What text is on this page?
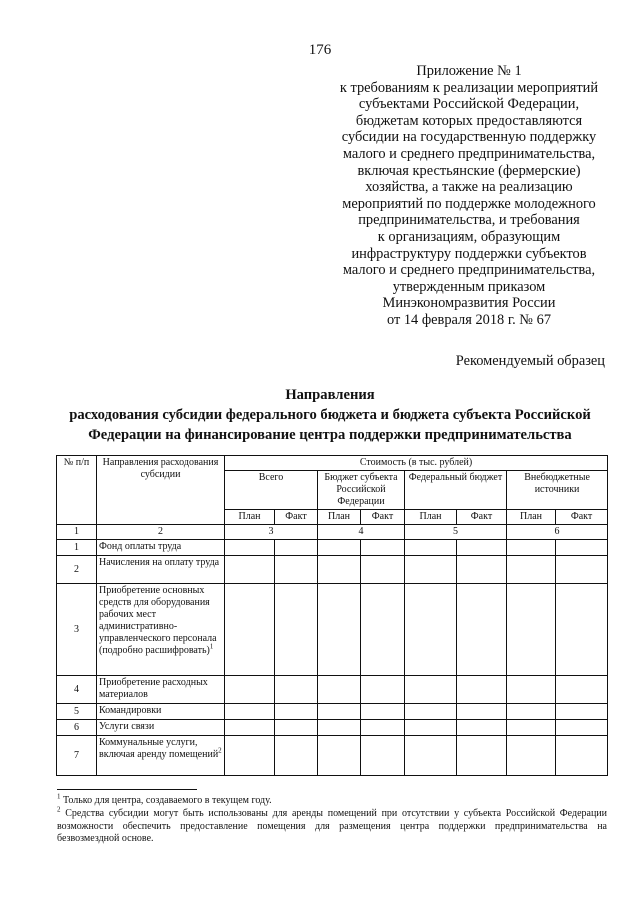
176
Приложение № 1
к требованиям к реализации мероприятий
субъектами Российской Федерации,
бюджетам которых предоставляются
субсидии на государственную поддержку
малого и среднего предпринимательства,
включая крестьянские (фермерские)
хозяйства, а также на реализацию
мероприятий по поддержке молодежного
предпринимательства, и требования
к организациям, образующим
инфраструктуру поддержки субъектов
малого и среднего предпринимательства,
утвержденным приказом
Минэкономразвития России
от 14 февраля 2018 г. № 67
Рекомендуемый образец
Направления
расходования субсидии федерального бюджета и бюджета субъекта Российской
Федерации на финансирование центра поддержки предпринимательства
№ п/п	Направления расходования субсидии	Стоимость (в тыс. рублей)							
		Всего		Бюджет субъекта Российской Федерации		Федеральный бюджет		Внебюджетные источники	
		План	Факт	План	Факт	План	Факт	План	Факт
1	2	3		4		5		6	
1	Фонд оплаты труда								
2	Начисления на оплату труда								
3	Приобретение основных средств для оборудования рабочих мест административно-управленческого персонала (подробно расшифровать)$^1$								
4	Приобретение расходных материалов								
5	Командировки								
6	Услуги связи								
7	Коммунальные услуги, включая аренду помещений$^2$								
$^1$ Только для центра, создаваемого в текущем году.
$^2$ Средства субсидии могут быть использованы для аренды помещений при отсутствии у субъекта Российской Федерации возможности обеспечить предоставление помещения для размещения центра поддержки предпринимательства на безвозмездной основе.
